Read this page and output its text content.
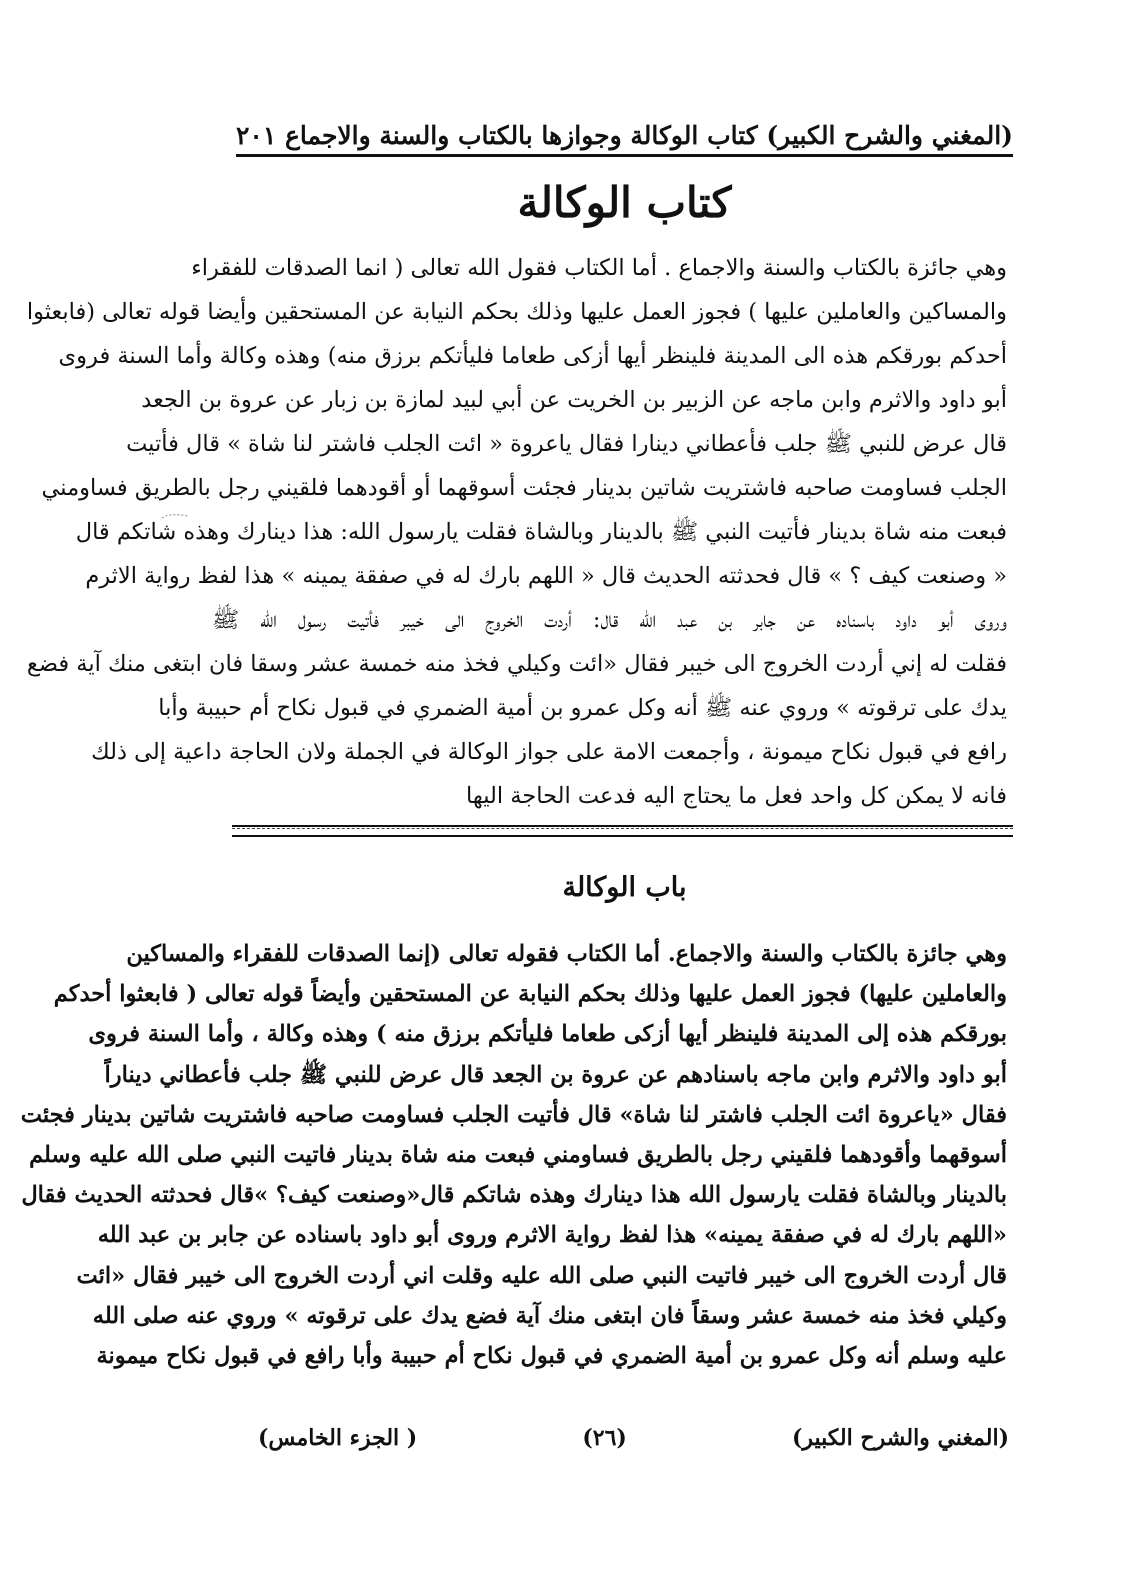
(المغني والشرح الكبير)
كتاب الوكالة وجوازها بالكتاب والسنة والاجماع
٢٠١
كتاب الوكالة
وهي جائزة بالكتاب والسنة والاجماع . أما الكتاب فقول الله تعالى ( انما الصدقات للفقراء
والمساكين والعاملين عليها ) فجوز العمل عليها وذلك بحكم النيابة عن المستحقين وأيضا قوله تعالى (فابعثوا
أحدكم بورقكم هذه الى المدينة فلينظر أيها أزكى طعاما فليأتكم برزق منه) وهذه وكالة وأما السنة فروى
أبو داود والاثرم وابن ماجه عن الزبير بن الخريت عن أبي لبيد لمازة بن زبار عن عروة بن الجعد
قال عرض للنبي ﷺ جلب فأعطاني دينارا فقال ياعروة « ائت الجلب فاشتر لنا شاة » قال فأتيت
الجلب فساومت صاحبه فاشتريت شاتين بدينار فجئت أسوقهما أو أقودهما فلقيني رجل بالطريق فساومني
فبعت منه شاة بدينار فأتيت النبي ﷺ بالدينار وبالشاة فقلت يارسول الله: هذا دينارك وهذه شاتكم قال
« وصنعت كيف ؟ » قال فحدثته الحديث قال « اللهم بارك له في صفقة يمينه » هذا لفظ رواية الاثرم
وروى أبو داود باسناده عن جابر بن عبد الله قال: أردت الخروج الى خيبر فأتيت رسول الله ﷺ
فقلت له إني أردت الخروج الى خيبر فقال «ائت وكيلي فخذ منه خمسة عشر وسقا فان ابتغى منك آية فضع
يدك على ترقوته » وروي عنه ﷺ أنه وكل عمرو بن أمية الضمري في قبول نكاح أم حبيبة وأبا
رافع في قبول نكاح ميمونة ، وأجمعت الامة على جواز الوكالة في الجملة ولان الحاجة داعية إلى ذلك
فانه لا يمكن كل واحد فعل ما يحتاج اليه فدعت الحاجة اليها
باب الوكالة
وهي جائزة بالكتاب والسنة والاجماع. أما الكتاب فقوله تعالى (إنما الصدقات للفقراء والمساكين
والعاملين عليها) فجوز العمل عليها وذلك بحكم النيابة عن المستحقين وأيضاً قوله تعالى ( فابعثوا أحدكم
بورقكم هذه إلى المدينة فلينظر أيها أزكى طعاما فليأتكم برزق منه ) وهذه وكالة ، وأما السنة فروى
أبو داود والاثرم وابن ماجه باسنادهم عن عروة بن الجعد قال عرض للنبي ﷺ جلب فأعطاني ديناراً
فقال «ياعروة ائت الجلب فاشتر لنا شاة» قال فأتيت الجلب فساومت صاحبه فاشتريت شاتين بدينار فجئت
أسوقهما وأقودهما فلقيني رجل بالطريق فساومني فبعت منه شاة بدينار فاتيت النبي صلى الله عليه وسلم
بالدينار وبالشاة فقلت يارسول الله هذا دينارك وهذه شاتكم قال«وصنعت كيف؟ »قال فحدثته الحديث فقال
«اللهم بارك له في صفقة يمينه» هذا لفظ رواية الاثرم وروى أبو داود باسناده عن جابر بن عبد الله
قال أردت الخروج الى خيبر فاتيت النبي صلى الله عليه وقلت اني أردت الخروج الى خيبر فقال «ائت
وكيلي فخذ منه خمسة عشر وسقاً فان ابتغى منك آية فضع يدك على ترقوته » وروي عنه صلى الله
عليه وسلم أنه وكل عمرو بن أمية الضمري في قبول نكاح أم حبيبة وأبا رافع في قبول نكاح ميمونة
(المغني والشرح الكبير)
(٢٦)
( الجزء الخامس)
